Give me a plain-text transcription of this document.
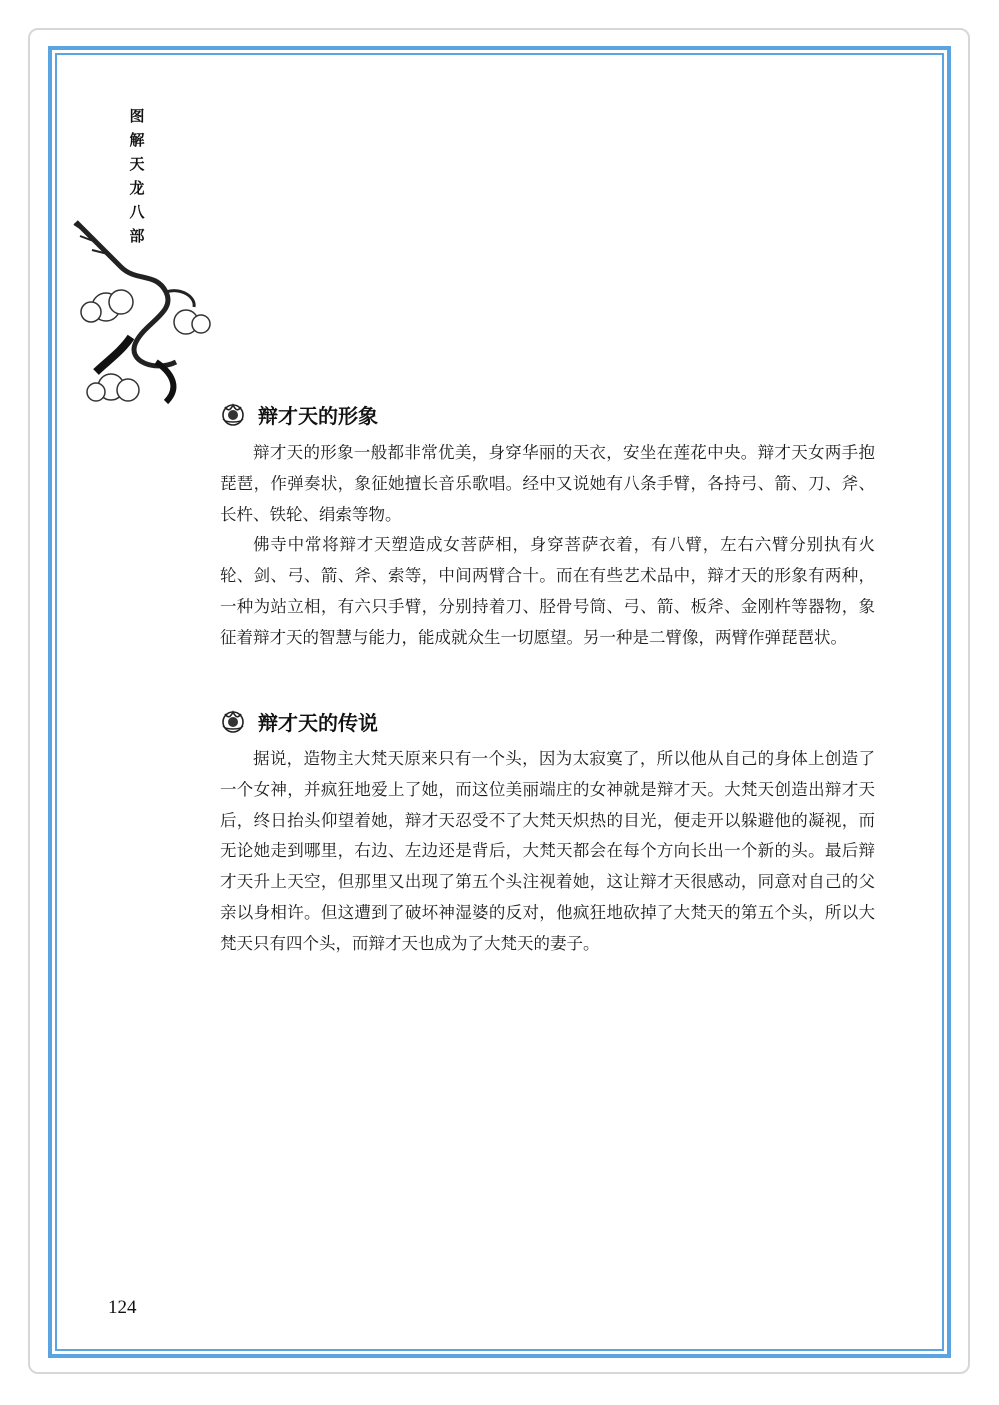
图解天龙八部
辩才天的形象

辩才天的形象一般都非常优美，身穿华丽的天衣，安坐在莲花中央。辩才天女两手抱琵琶，作弹奏状，象征她擅长音乐歌唱。经中又说她有八条手臂，各持弓、箭、刀、斧、长杵、铁轮、绢索等物。

佛寺中常将辩才天塑造成女菩萨相，身穿菩萨衣着，有八臂，左右六臂分别执有火轮、剑、弓、箭、斧、索等，中间两臂合十。而在有些艺术品中，辩才天的形象有两种，一种为站立相，有六只手臂，分别持着刀、胫骨号筒、弓、箭、板斧、金刚杵等器物，象征着辩才天的智慧与能力，能成就众生一切愿望。另一种是二臂像，两臂作弹琵琶状。

辩才天的传说

据说，造物主大梵天原来只有一个头，因为太寂寞了，所以他从自己的身体上创造了一个女神，并疯狂地爱上了她，而这位美丽端庄的女神就是辩才天。大梵天创造出辩才天后，终日抬头仰望着她，辩才天忍受不了大梵天炽热的目光，便走开以躲避他的凝视，而无论她走到哪里，右边、左边还是背后，大梵天都会在每个方向长出一个新的头。最后辩才天升上天空，但那里又出现了第五个头注视着她，这让辩才天很感动，同意对自己的父亲以身相许。但这遭到了破坏神湿婆的反对，他疯狂地砍掉了大梵天的第五个头，所以大梵天只有四个头，而辩才天也成为了大梵天的妻子。

124
